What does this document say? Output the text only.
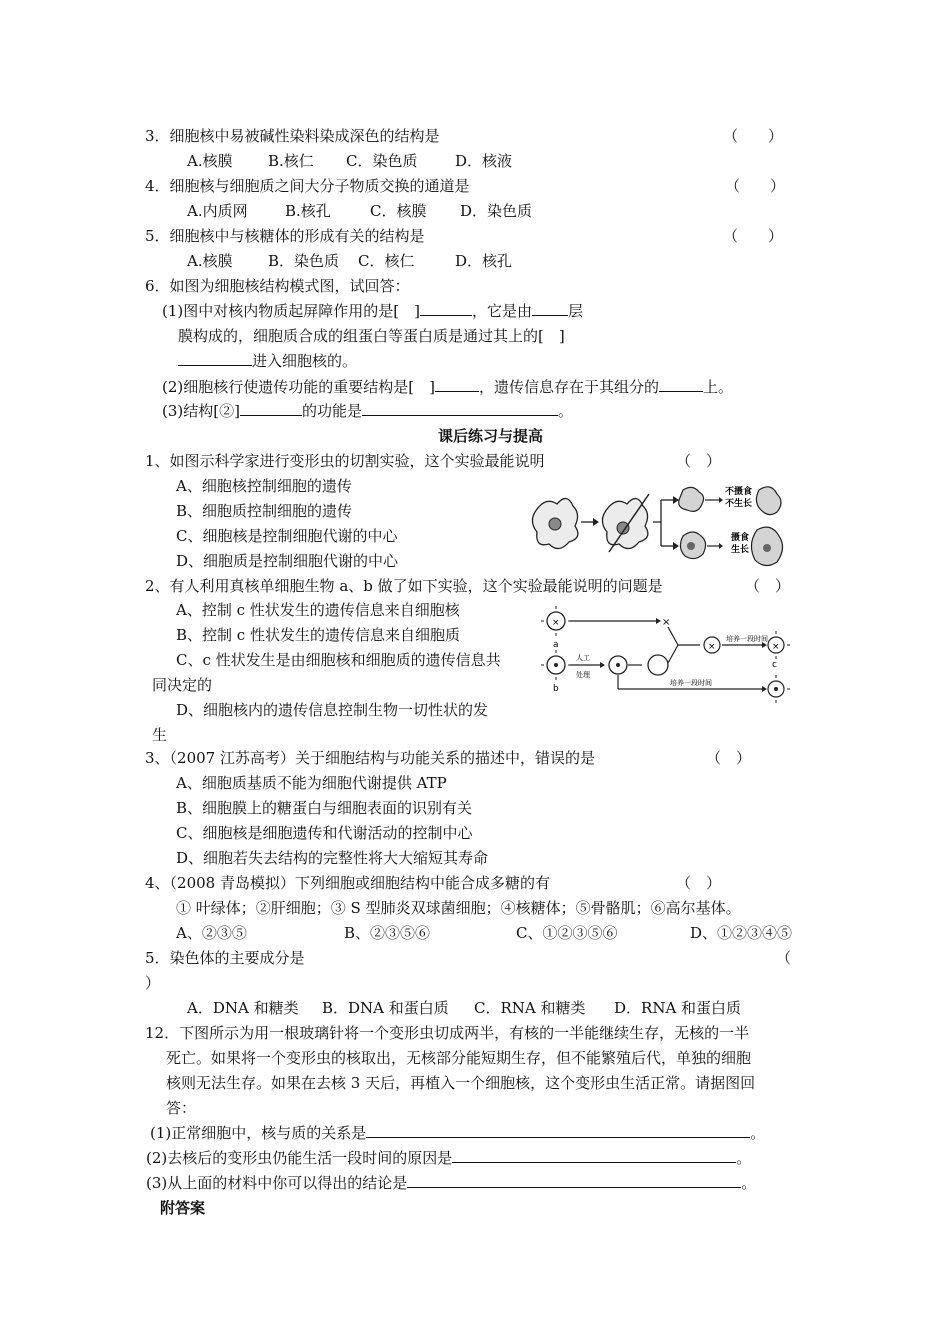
3．细胞核中易被碱性染料染成深色的结构是	（　　）
A.核膜 B.核仁 C．染色质	D．核液
4．细胞核与细胞质之间大分子物质交换的通道是	（　　）
A.内质网 B.核孔	C．核膜 D．染色质
5．细胞核中与核糖体的形成有关的结构是	（　　）
A.核膜 B．染色质 C．核仁	D．核孔
6．如图为细胞核结构模式图，试回答：
(1)图中对核内物质起屏障作用的是[　]	，它是由 层
膜构成的，细胞质合成的组蛋白等蛋白质是通过其上的[　]
进入细胞核的。
(2)细胞核行使遗传功能的重要结构是[　]	，遗传信息存在于其组分的	上。
(3)结构[②]	的功能是	。
课后练习与提高
1、如图示科学家进行变形虫的切割实验，这个实验最能说明	（　）
A、细胞核控制细胞的遗传
B、细胞质控制细胞的遗传
C、细胞核是控制细胞代谢的中心
D、细胞质是控制细胞代谢的中心
不摄食
不生长
摄食
生长
2、有人利用真核单细胞生物 a、b 做了如下实验，这个实验最能说明的问题是	（　）
A、控制 c 性状发生的遗传信息来自细胞核
B、控制 c 性状发生的遗传信息来自细胞质
C、c 性状发生是由细胞核和细胞质的遗传信息共
同决定的
D、细胞核内的遗传信息控制生物一切性状的发
生
×
a
×
×
培养一段时间
×
c
b
人工
处理
培养一段时间
3、（2007 江苏高考）关于细胞结构与功能关系的描述中，错误的是	（　）
A、细胞质基质不能为细胞代谢提供 ATP
B、细胞膜上的糖蛋白与细胞表面的识别有关
C、细胞核是细胞遗传和代谢活动的控制中心
D、细胞若失去结构的完整性将大大缩短其寿命
4、（2008 青岛模拟）下列细胞或细胞结构中能合成多糖的有	（　）
① 叶绿体；②肝细胞；③ S 型肺炎双球菌细胞；④核糖体；⑤骨骼肌；⑥高尔基体。
A、②③⑤	B、②③⑤⑥	C、①②③⑤⑥	D、①②③④⑤
5．染色体的主要成分是	（
）
A．DNA 和糖类 B．DNA 和蛋白质 C．RNA 和糖类 D．RNA 和蛋白质
12．下图所示为用一根玻璃针将一个变形虫切成两半，有核的一半能继续生存，无核的一半
死亡。如果将一个变形虫的核取出，无核部分能短期生存，但不能繁殖后代，单独的细胞
核则无法生存。如果在去核 3 天后，再植入一个细胞核，这个变形虫生活正常。请据图回
答：
(1)正常细胞中，核与质的关系是	。
(2)去核后的变形虫仍能生活一段时间的原因是	。
(3)从上面的材料中你可以得出的结论是	。
附答案
